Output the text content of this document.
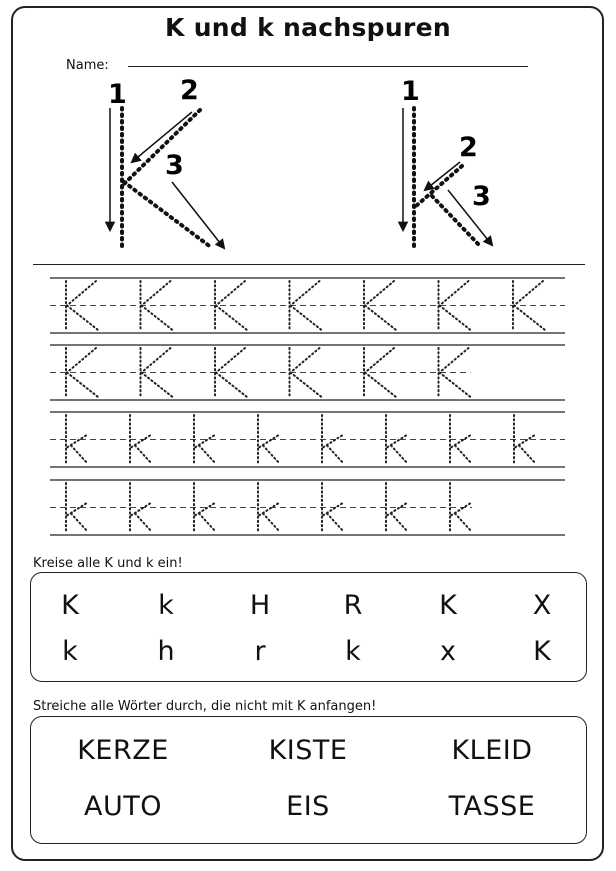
K und k nachspuren
Name:
1 2
3
1
2
3
Kreise alle K und k ein!
K	k	H	R	K	X
k	h	r	k	x	K
Streiche alle Wörter durch, die nicht mit K anfangen!
KERZE	KISTE	KLEID
AUTO	EIS	TASSE
